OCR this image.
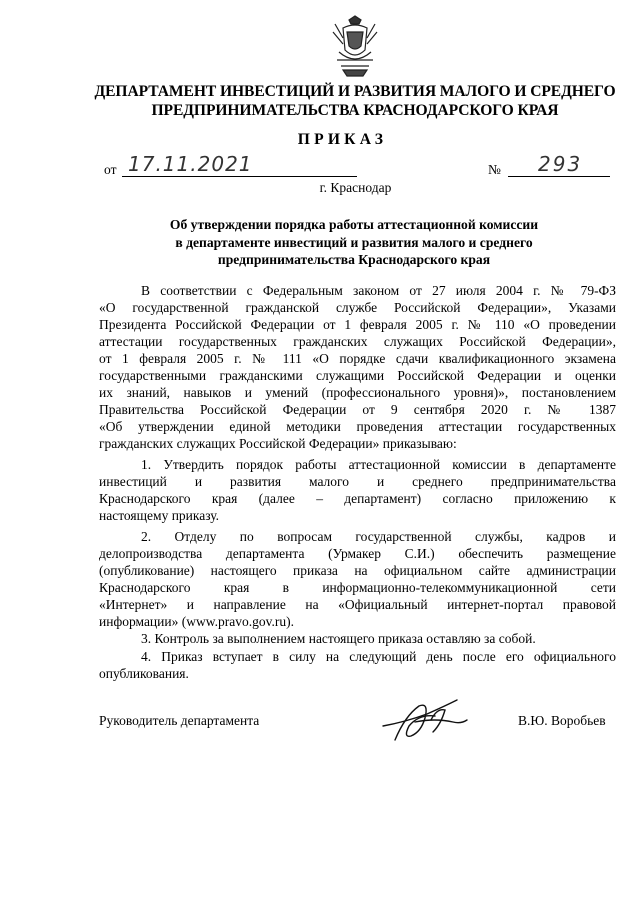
ДЕПАРТАМЕНТ ИНВЕСТИЦИЙ И РАЗВИТИЯ МАЛОГО И СРЕДНЕГО
ПРЕДПРИНИМАТЕЛЬСТВА КРАСНОДАРСКОГО КРАЯ
ПРИКАЗ
от 17.11.2021	№ 293
г. Краснодар
Об утверждении порядка работы аттестационной комиссии
в департаменте инвестиций и развития малого и среднего
предпринимательства Краснодарского края
В соответствии с Федеральным законом от 27 июля 2004 г. № 79-ФЗ
«О государственной гражданской службе Российской Федерации», Указами
Президента Российской Федерации от 1 февраля 2005 г. № 110 «О проведении
аттестации государственных гражданских служащих Российской Федерации»,
от 1 февраля 2005 г. № 111 «О порядке сдачи квалификационного экзамена
государственными гражданскими служащими Российской Федерации и оценки
их знаний, навыков и умений (профессионального уровня)», постановлением
Правительства Российской Федерации от 9 сентября 2020 г. № 1387
«Об утверждении единой методики проведения аттестации государственных
гражданских служащих Российской Федерации» приказываю:
1. Утвердить порядок работы аттестационной комиссии в департаменте
инвестиций и развития малого и среднего предпринимательства
Краснодарского края (далее – департамент) согласно приложению к
настоящему приказу.
2. Отделу по вопросам государственной службы, кадров и
делопроизводства департамента (Урмакер С.И.) обеспечить размещение
(опубликование) настоящего приказа на официальном сайте администрации
Краснодарского края в информационно-телекоммуникационной сети
«Интернет» и направление на «Официальный интернет-портал правовой
информации» (www.pravo.gov.ru).
3. Контроль за выполнением настоящего приказа оставляю за собой.
4. Приказ вступает в силу на следующий день после его официального
опубликования.
Руководитель департамента	В.Ю. Воробьев
